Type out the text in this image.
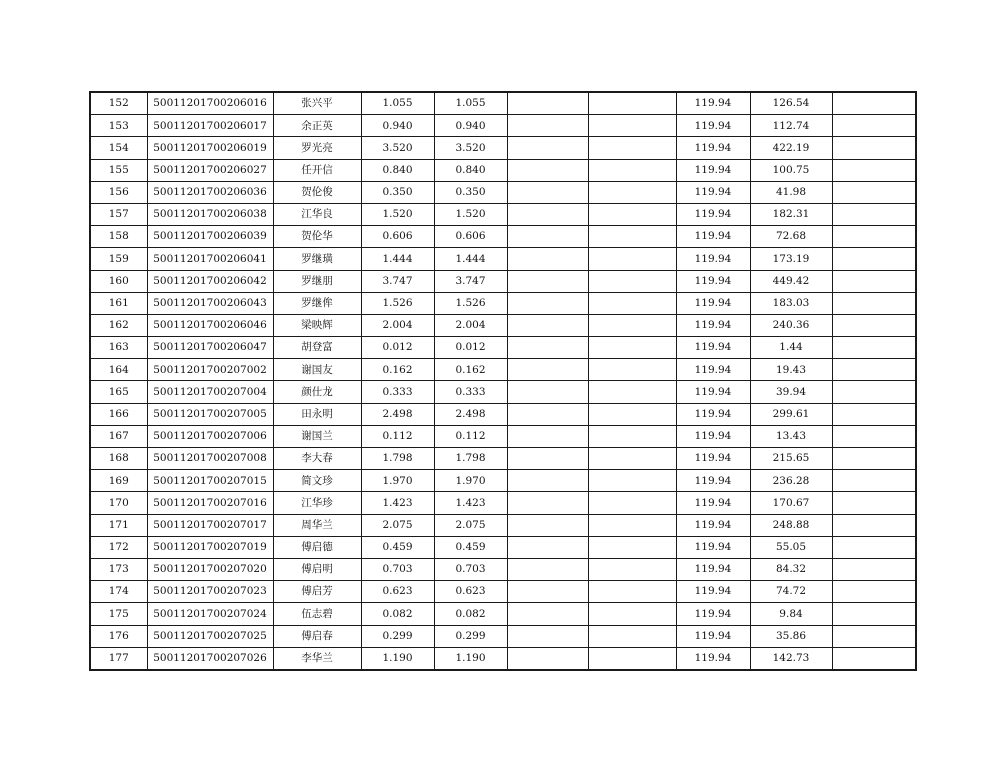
152	50011201700206016	张兴平	1.055	1.055			119.94	126.54	
153	50011201700206017	余正英	0.940	0.940			119.94	112.74	
154	50011201700206019	罗光亮	3.520	3.520			119.94	422.19	
155	50011201700206027	任开信	0.840	0.840			119.94	100.75	
156	50011201700206036	贺伦俊	0.350	0.350			119.94	41.98	
157	50011201700206038	江华良	1.520	1.520			119.94	182.31	
158	50011201700206039	贺伦华	0.606	0.606			119.94	72.68	
159	50011201700206041	罗继璜	1.444	1.444			119.94	173.19	
160	50011201700206042	罗继朋	3.747	3.747			119.94	449.42	
161	50011201700206043	罗继侔	1.526	1.526			119.94	183.03	
162	50011201700206046	梁映辉	2.004	2.004			119.94	240.36	
163	50011201700206047	胡登富	0.012	0.012			119.94	1.44	
164	50011201700207002	谢国友	0.162	0.162			119.94	19.43	
165	50011201700207004	颜仕龙	0.333	0.333			119.94	39.94	
166	50011201700207005	田永明	2.498	2.498			119.94	299.61	
167	50011201700207006	谢国兰	0.112	0.112			119.94	13.43	
168	50011201700207008	李大春	1.798	1.798			119.94	215.65	
169	50011201700207015	简文珍	1.970	1.970			119.94	236.28	
170	50011201700207016	江华珍	1.423	1.423			119.94	170.67	
171	50011201700207017	周华兰	2.075	2.075			119.94	248.88	
172	50011201700207019	傅启德	0.459	0.459			119.94	55.05	
173	50011201700207020	傅启明	0.703	0.703			119.94	84.32	
174	50011201700207023	傅启芳	0.623	0.623			119.94	74.72	
175	50011201700207024	伍志碧	0.082	0.082			119.94	9.84	
176	50011201700207025	傅启春	0.299	0.299			119.94	35.86	
177	50011201700207026	李华兰	1.190	1.190			119.94	142.73	
